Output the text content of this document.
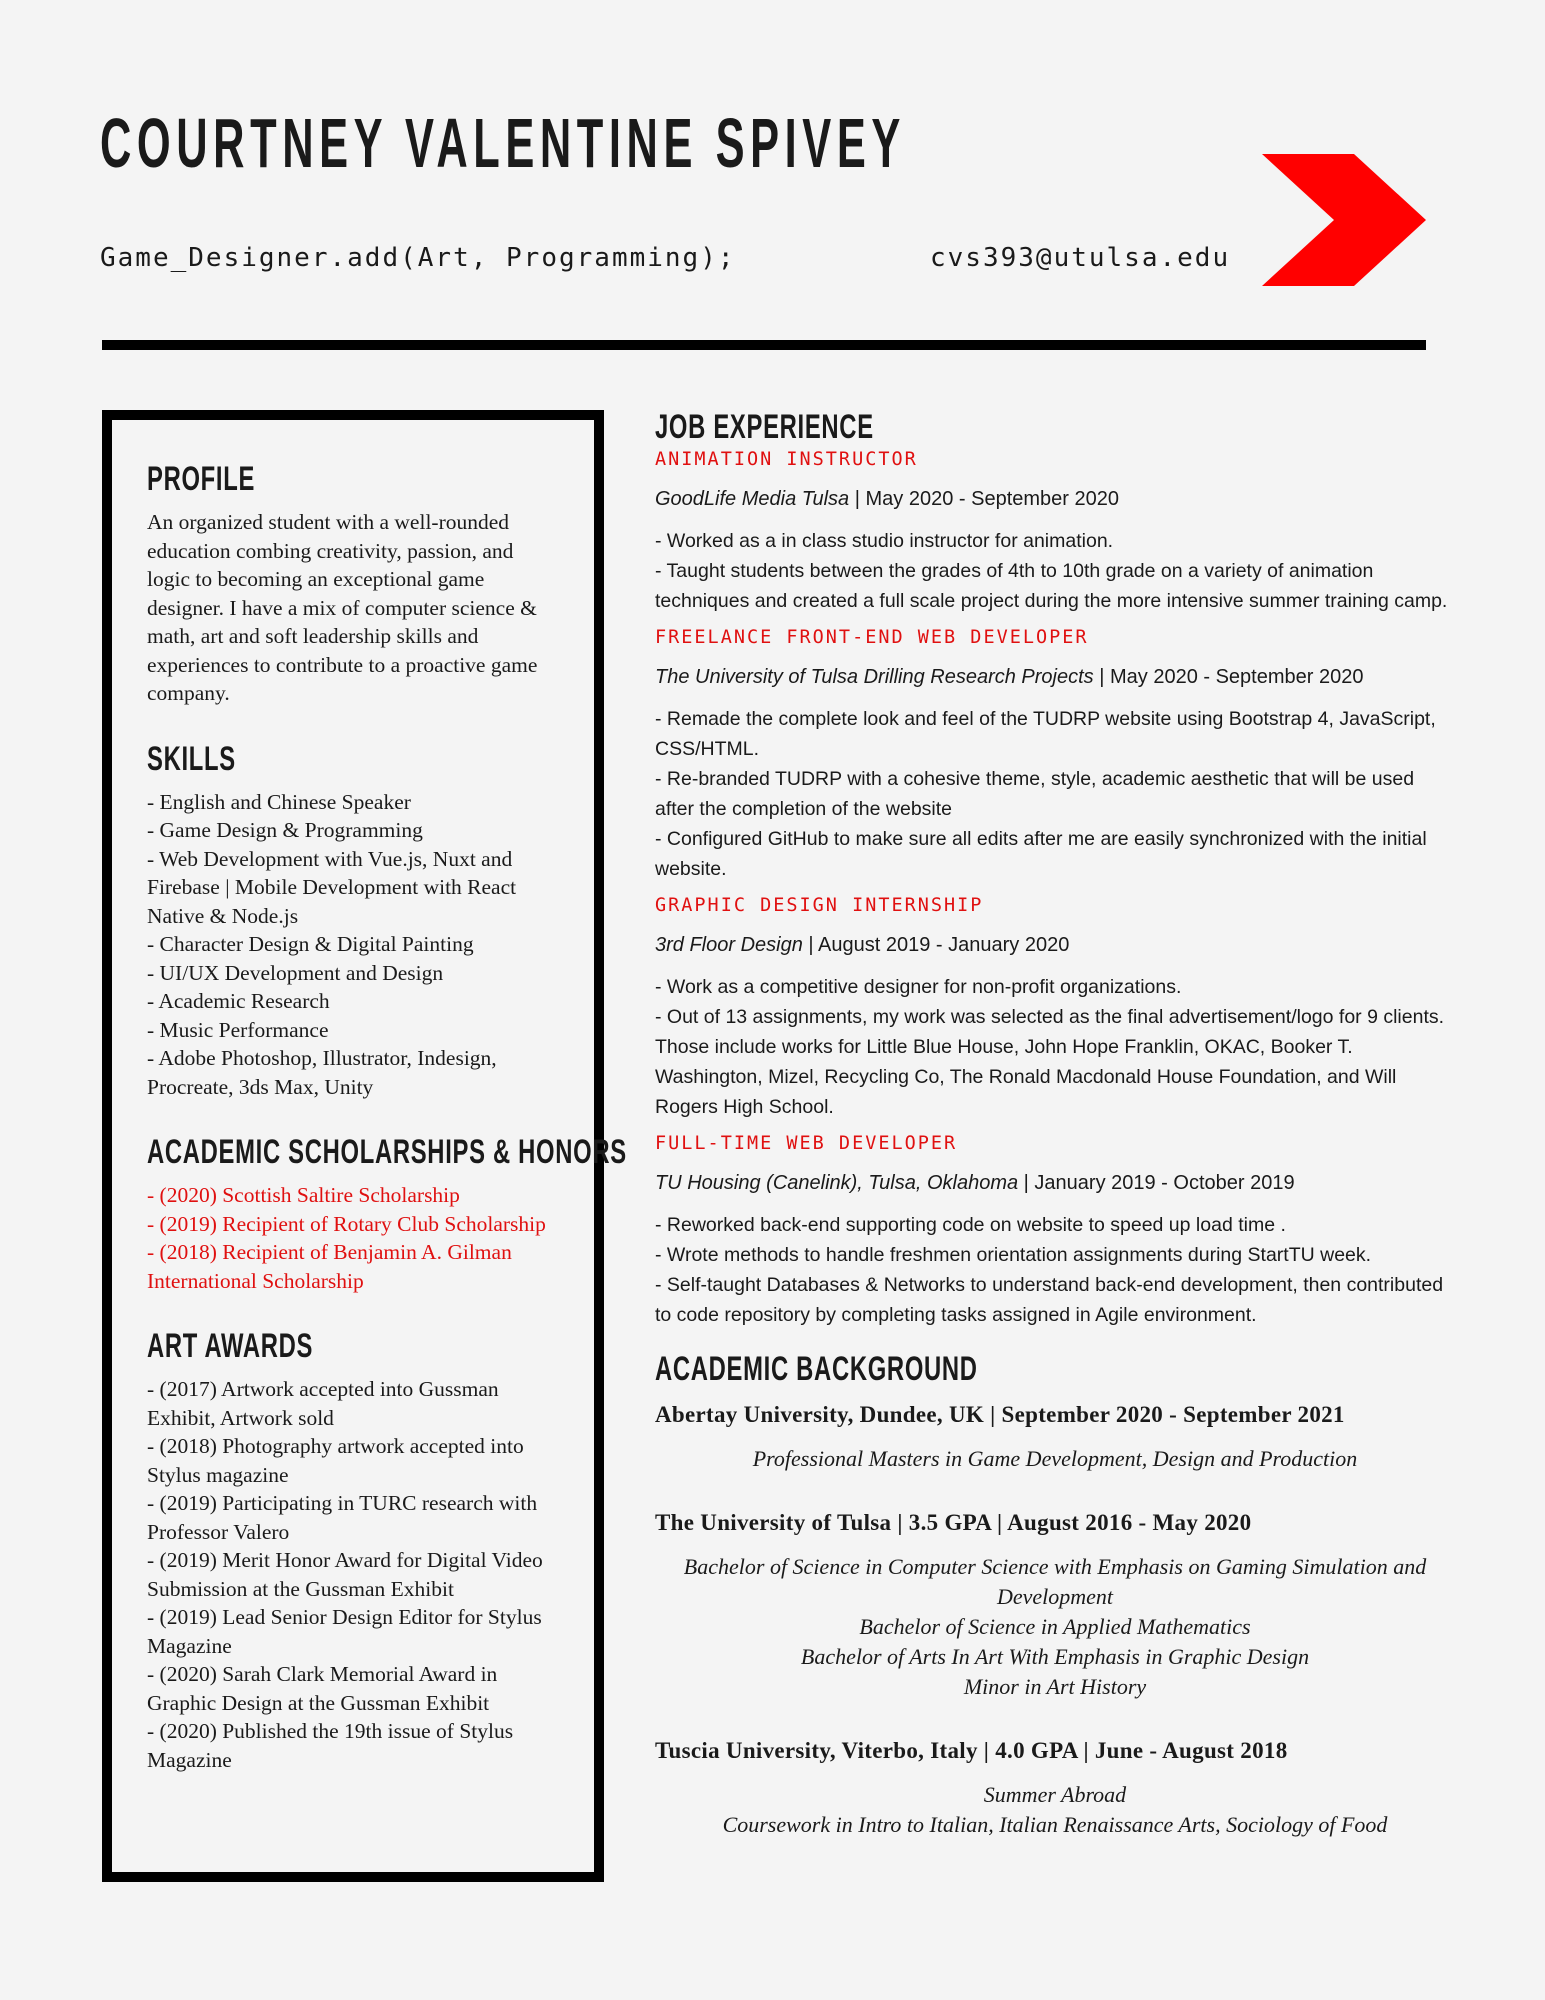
COURTNEY VALENTINE SPIVEY
Game_Designer.add(Art, Programming);	cvs393@utulsa.edu
PROFILE

An organized student with a well-rounded education combing creativity, passion, and logic to becoming an exceptional game designer. I have a mix of computer science & math, art and soft leadership skills and experiences to contribute to a proactive game company.

SKILLS
- English and Chinese Speaker
- Game Design & Programming
- Web Development with Vue.js, Nuxt and Firebase | Mobile Development with React Native & Node.js
- Character Design & Digital Painting
- UI/UX Development and Design
- Academic Research
- Music Performance
- Adobe Photoshop, Illustrator, Indesign, Procreate, 3ds Max, Unity
ACADEMIC SCHOLARSHIPS & HONORS
- (2020) Scottish Saltire Scholarship
- (2019) Recipient of Rotary Club Scholarship
- (2018) Recipient of Benjamin A. Gilman International Scholarship
ART AWARDS
- (2017) Artwork accepted into Gussman Exhibit, Artwork sold
- (2018) Photography artwork accepted into Stylus magazine
- (2019) Participating in TURC research with Professor Valero
- (2019) Merit Honor Award for Digital Video Submission at the Gussman Exhibit
- (2019) Lead Senior Design Editor for Stylus Magazine
- (2020) Sarah Clark Memorial Award in Graphic Design at the Gussman Exhibit
- (2020) Published the 19th issue of Stylus Magazine
JOB EXPERIENCE

ANIMATION INSTRUCTOR

GoodLife Media Tulsa | May 2020 - September 2020

- Worked as a in class studio instructor for animation.
- Taught students between the grades of 4th to 10th grade on a variety of animation techniques and created a full scale project during the more intensive summer training camp.

FREELANCE FRONT-END WEB DEVELOPER

The University of Tulsa Drilling Research Projects | May 2020 - September 2020

- Remade the complete look and feel of the TUDRP website using Bootstrap 4, JavaScript, CSS/HTML.
- Re-branded TUDRP with a cohesive theme, style, academic aesthetic that will be used after the completion of the website
- Configured GitHub to make sure all edits after me are easily synchronized with the initial website.

GRAPHIC DESIGN INTERNSHIP

3rd Floor Design | August 2019 - January 2020

- Work as a competitive designer for non-profit organizations.
- Out of 13 assignments, my work was selected as the final advertisement/logo for 9 clients. Those include works for Little Blue House, John Hope Franklin, OKAC, Booker T. Washington, Mizel, Recycling Co, The Ronald Macdonald House Foundation, and Will Rogers High School.

FULL-TIME WEB DEVELOPER

TU Housing (Canelink), Tulsa, Oklahoma | January 2019 - October 2019

- Reworked back-end supporting code on website to speed up load time .
- Wrote methods to handle freshmen orientation assignments during StartTU week.
- Self-taught Databases & Networks to understand back-end development, then contributed to code repository by completing tasks assigned in Agile environment.
ACADEMIC BACKGROUND

Abertay University, Dundee, UK | September 2020 - September 2021

Professional Masters in Game Development, Design and Production

The University of Tulsa | 3.5 GPA | August 2016 - May 2020

Bachelor of Science in Computer Science with Emphasis on Gaming Simulation and Development
Bachelor of Science in Applied Mathematics
Bachelor of Arts In Art With Emphasis in Graphic Design
Minor in Art History

Tuscia University, Viterbo, Italy | 4.0 GPA | June - August 2018

Summer Abroad
Coursework in Intro to Italian, Italian Renaissance Arts, Sociology of Food
